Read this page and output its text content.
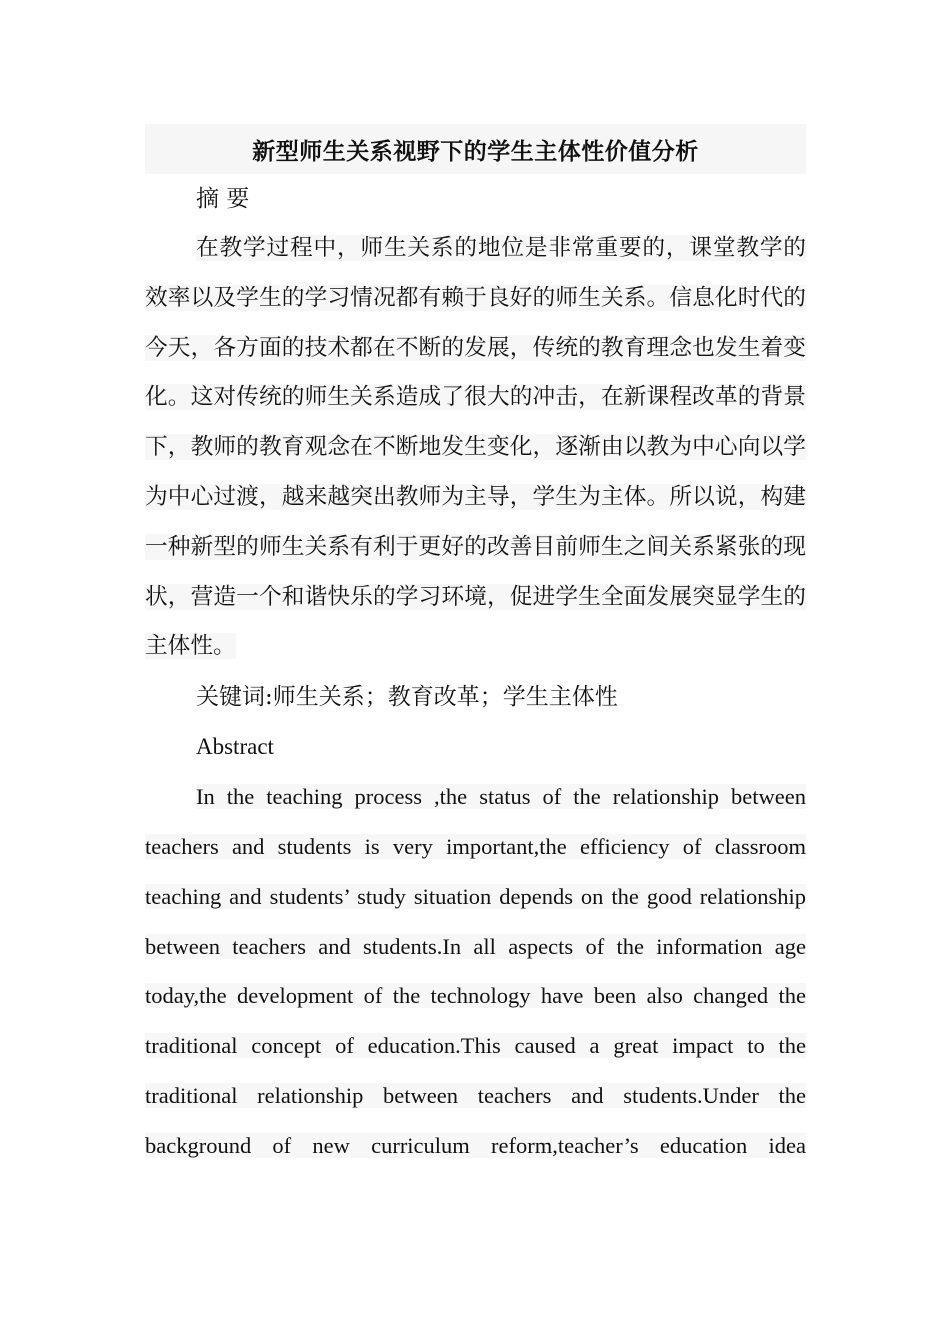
新型师生关系视野下的学生主体性价值分析
摘 要

在教学过程中，师生关系的地位是非常重要的，课堂教学的效率以及学生的学习情况都有赖于良好的师生关系。信息化时代的今天，各方面的技术都在不断的发展，传统的教育理念也发生着变化。这对传统的师生关系造成了很大的冲击，在新课程改革的背景下，教师的教育观念在不断地发生变化，逐渐由以教为中心向以学为中心过渡，越来越突出教师为主导，学生为主体。所以说，构建一种新型的师生关系有利于更好的改善目前师生之间关系紧张的现状，营造一个和谐快乐的学习环境，促进学生全面发展突显学生的主体性。

关键词:师生关系；教育改革；学生主体性
Abstract

In the teaching process ,the status of the relationship between teachers and students is very important,the efficiency of classroom teaching and students’ study situation depends on the good relationship between teachers and students.In all aspects of the information age today,the development of the technology have been also changed the traditional concept of education.This caused a great impact to the traditional relationship between teachers and students.Under the background of new curriculum reform,teacher’s education idea
